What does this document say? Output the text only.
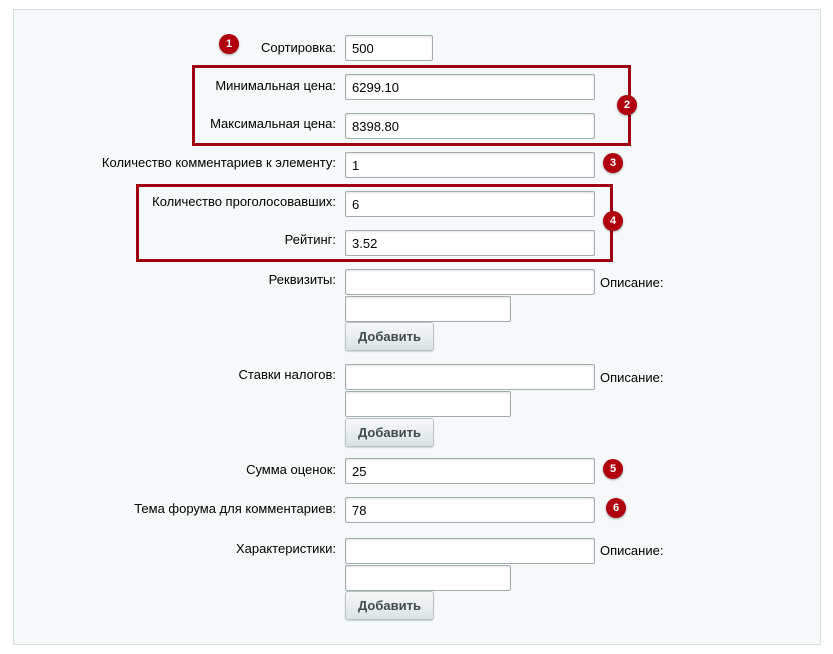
Сортировка:	500
Минимальная цена:	6299.10
Максимальная цена:	8398.80
Количество комментариев к элементу:	1
Количество проголосовавших:	6
Рейтинг:	3.52
Реквизиты:	Описание:
Добавить
Ставки налогов:	Описание:
Добавить
Сумма оценок:	25
Тема форума для комментариев:	78
Характеристики:	Описание:
Добавить
1
2
3
4
5
6
